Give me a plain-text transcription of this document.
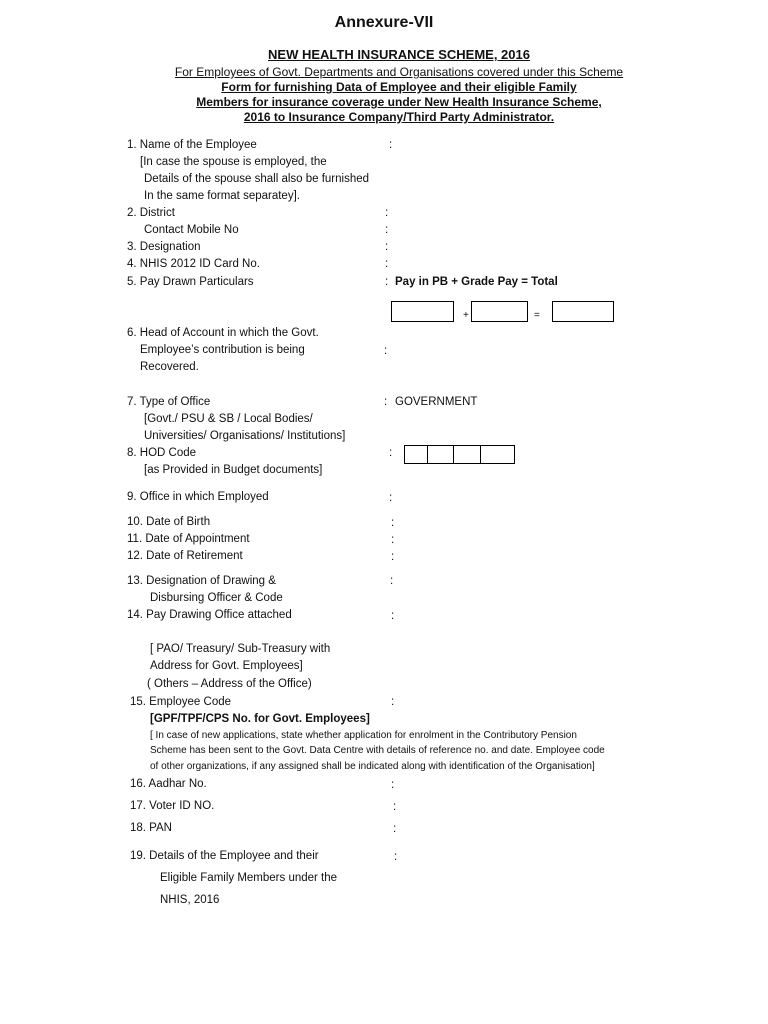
Annexure-VII
NEW HEALTH INSURANCE SCHEME, 2016
For Employees of Govt. Departments and Organisations covered under this Scheme
Form for furnishing Data of Employee and their eligible Family
Members for insurance coverage under New Health Insurance Scheme,
2016 to Insurance Company/Third Party Administrator.
1. Name of the Employee	:
[In case the spouse is employed, the
Details of the spouse shall also be furnished
In the same format separatey].
2. District	:
Contact Mobile No	:
3. Designation	:
4. NHIS 2012 ID Card No.	:
5. Pay Drawn Particulars	: Pay in PB + Grade Pay = Total
+	=
6. Head of Account in which the Govt.
Employee’s contribution is being	:
Recovered.
7. Type of Office	: GOVERNMENT
[Govt./ PSU & SB / Local Bodies/
Universities/ Organisations/ Institutions]
8. HOD Code	:
[as Provided in Budget documents]
9. Office in which Employed	:
10. Date of Birth	:
11. Date of Appointment	:
12. Date of Retirement	:
13. Designation of Drawing &	:
Disbursing Officer & Code
14. Pay Drawing Office attached	:
[ PAO/ Treasury/ Sub-Treasury with
Address for Govt. Employees]
( Others – Address of the Office)
15. Employee Code	:
[GPF/TPF/CPS No. for Govt. Employees]
[ In case of new applications, state whether application for enrolment in the Contributory Pension
Scheme has been sent to the Govt. Data Centre with details of reference no. and date. Employee code
of other organizations, if any assigned shall be indicated along with identification of the Organisation]
16. Aadhar No.	:
17. Voter ID NO.	:
18. PAN	:
19. Details of the Employee and their	:
Eligible Family Members under the
NHIS, 2016
